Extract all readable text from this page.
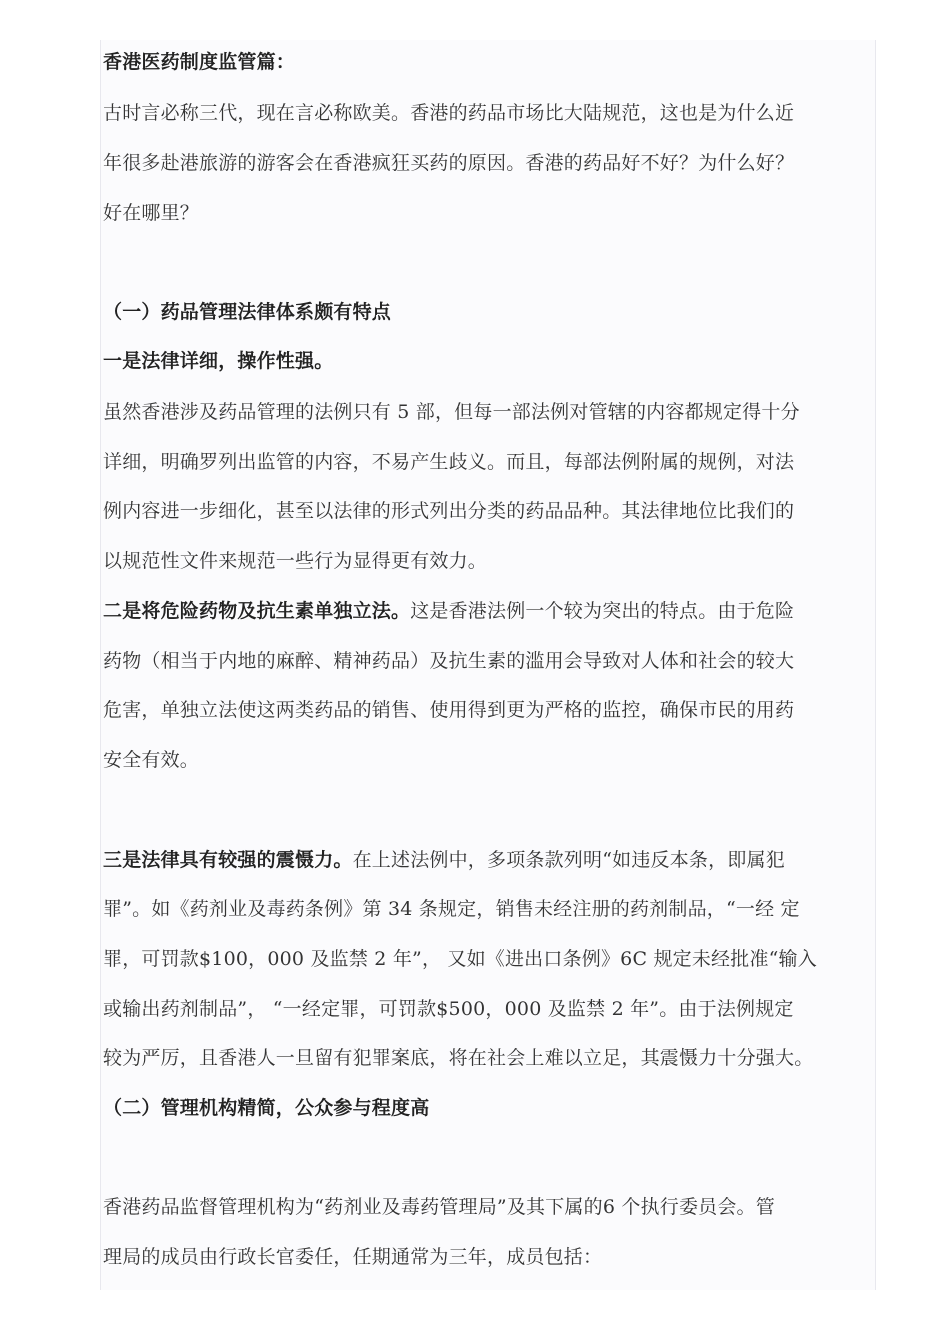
香港医药制度监管篇：
古时言必称三代，现在言必称欧美。香港的药品市场比大陆规范，这也是为什么近
年很多赴港旅游的游客会在香港疯狂买药的原因。香港的药品好不好？为什么好？
好在哪里？
（一）药品管理法律体系颇有特点
一是法律详细，操作性强。
虽然香港涉及药品管理的法例只有 5 部，但每一部法例对管辖的内容都规定得十分
详细，明确罗列出监管的内容，不易产生歧义。而且，每部法例附属的规例，对法
例内容进一步细化，甚至以法律的形式列出分类的药品品种。其法律地位比我们的
以规范性文件来规范一些行为显得更有效力。
二是将危险药物及抗生素单独立法。这是香港法例一个较为突出的特点。由于危险
药物（相当于内地的麻醉、精神药品）及抗生素的滥用会导致对人体和社会的较大
危害，单独立法使这两类药品的销售、使用得到更为严格的监控，确保市民的用药
安全有效。
三是法律具有较强的震慑力。在上述法例中，多项条款列明“如违反本条，即属犯
罪”。如《药剂业及毒药条例》第 34 条规定，销售未经注册的药剂制品，“一经 定
罪，可罚款$100，000 及监禁 2 年”， 又如《进出口条例》6C 规定未经批准“输入
或输出药剂制品”， “一经定罪，可罚款$500，000 及监禁 2 年”。由于法例规定
较为严厉，且香港人一旦留有犯罪案底，将在社会上难以立足，其震慑力十分强大。
（二）管理机构精简，公众参与程度高
香港药品监督管理机构为“药剂业及毒药管理局”及其下属的6 个执行委员会。管
理局的成员由行政长官委任，任期通常为三年，成员包括：
